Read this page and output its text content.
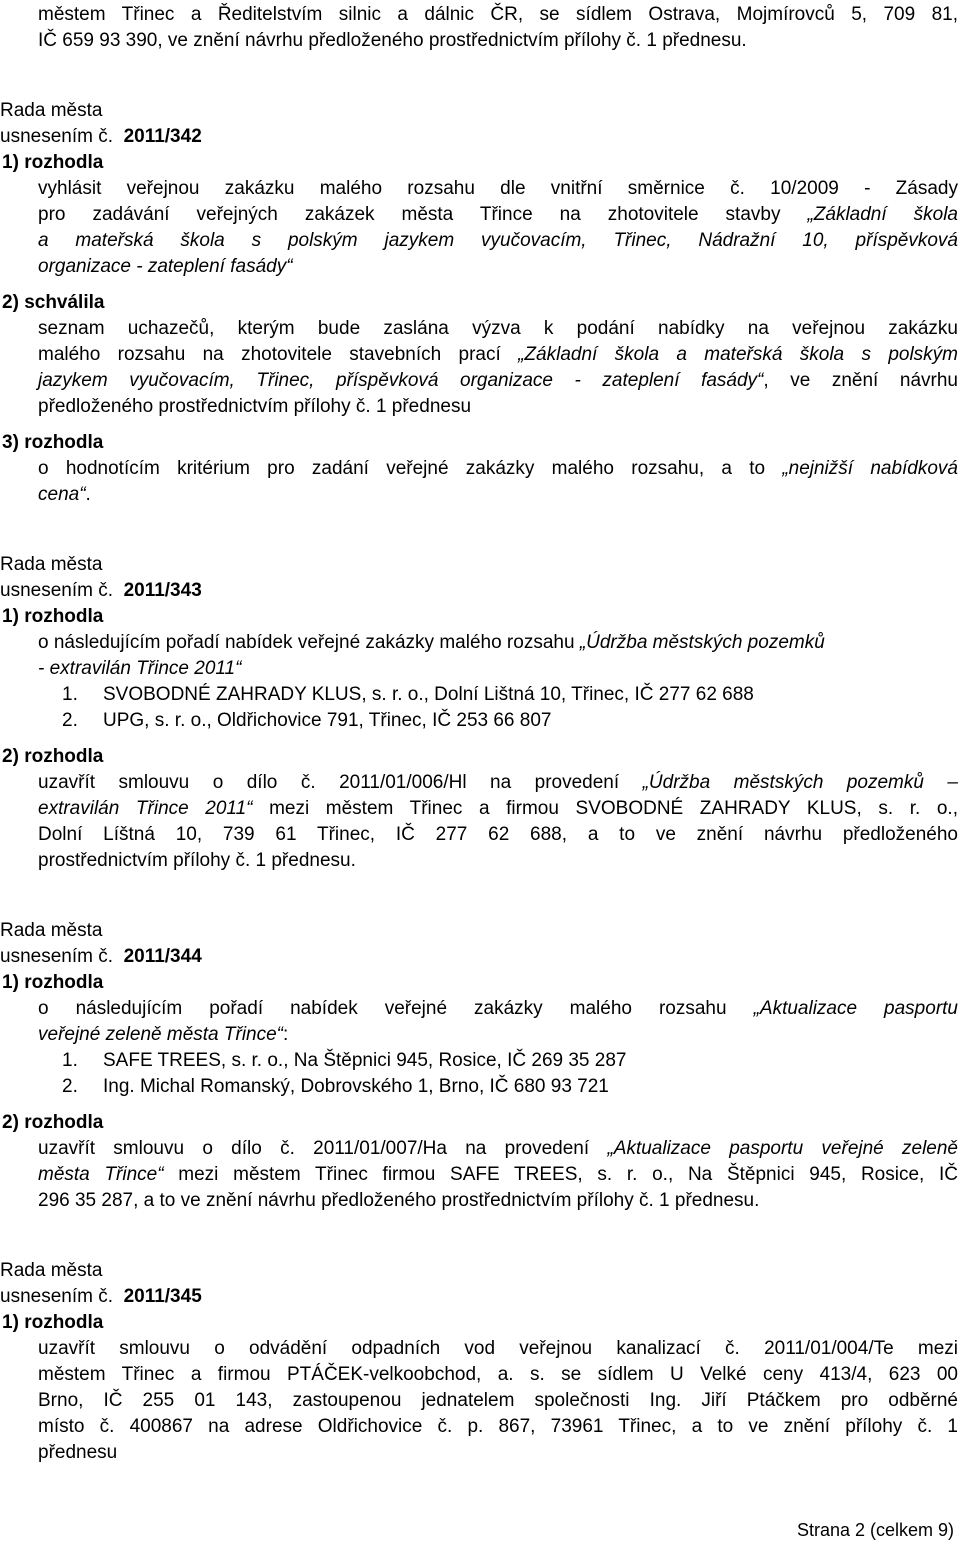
městem Třinec a Ředitelstvím silnic a dálnic ČR, se sídlem Ostrava, Mojmírovců 5, 709 81,
IČ 659 93 390, ve znění návrhu předloženého prostřednictvím přílohy č. 1 přednesu.
Rada města
usnesením č. 2011/342
1) rozhodla
vyhlásit veřejnou zakázku malého rozsahu dle vnitřní směrnice č. 10/2009 - Zásady
pro zadávání veřejných zakázek města Třince na zhotovitele stavby „Základní škola
a mateřská škola s polským jazykem vyučovacím, Třinec, Nádražní 10, příspěvková
organizace - zateplení fasády“
2) schválila
seznam uchazečů, kterým bude zaslána výzva k podání nabídky na veřejnou zakázku
malého rozsahu na zhotovitele stavebních prací „Základní škola a mateřská škola s polským
jazykem vyučovacím, Třinec, příspěvková organizace - zateplení fasády“, ve znění návrhu
předloženého prostřednictvím přílohy č. 1 přednesu
3) rozhodla
o hodnotícím kritérium pro zadání veřejné zakázky malého rozsahu, a to „nejnižší nabídková
cena“.
Rada města
usnesením č. 2011/343
1) rozhodla
o následujícím pořadí nabídek veřejné zakázky malého rozsahu „Údržba městských pozemků
- extravilán Třince 2011“
1. SVOBODNÉ ZAHRADY KLUS, s. r. o., Dolní Lištná 10, Třinec, IČ 277 62 688
2. UPG, s. r. o., Oldřichovice 791, Třinec, IČ 253 66 807
2) rozhodla
uzavřít smlouvu o dílo č. 2011/01/006/Hl na provedení „Údržba městských pozemků –
extravilán Třince 2011“ mezi městem Třinec a firmou SVOBODNÉ ZAHRADY KLUS, s. r. o.,
Dolní Líštná 10, 739 61 Třinec, IČ 277 62 688, a to ve znění návrhu předloženého
prostřednictvím přílohy č. 1 přednesu.
Rada města
usnesením č. 2011/344
1) rozhodla
o následujícím pořadí nabídek veřejné zakázky malého rozsahu „Aktualizace pasportu
veřejné zeleně města Třince“:
1. SAFE TREES, s. r. o., Na Štěpnici 945, Rosice, IČ 269 35 287
2. Ing. Michal Romanský, Dobrovského 1, Brno, IČ 680 93 721
2) rozhodla
uzavřít smlouvu o dílo č. 2011/01/007/Ha na provedení „Aktualizace pasportu veřejné zeleně
města Třince“ mezi městem Třinec firmou SAFE TREES, s. r. o., Na Štěpnici 945, Rosice, IČ
296 35 287, a to ve znění návrhu předloženého prostřednictvím přílohy č. 1 přednesu.
Rada města
usnesením č. 2011/345
1) rozhodla
uzavřít smlouvu o odvádění odpadních vod veřejnou kanalizací č. 2011/01/004/Te mezi
městem Třinec a firmou PTÁČEK-velkoobchod, a. s. se sídlem U Velké ceny 413/4, 623 00
Brno, IČ 255 01 143, zastoupenou jednatelem společnosti Ing. Jiří Ptáčkem pro odběrné
místo č. 400867 na adrese Oldřichovice č. p. 867, 73961 Třinec, a to ve znění přílohy č. 1
přednesu
Strana 2 (celkem 9)
